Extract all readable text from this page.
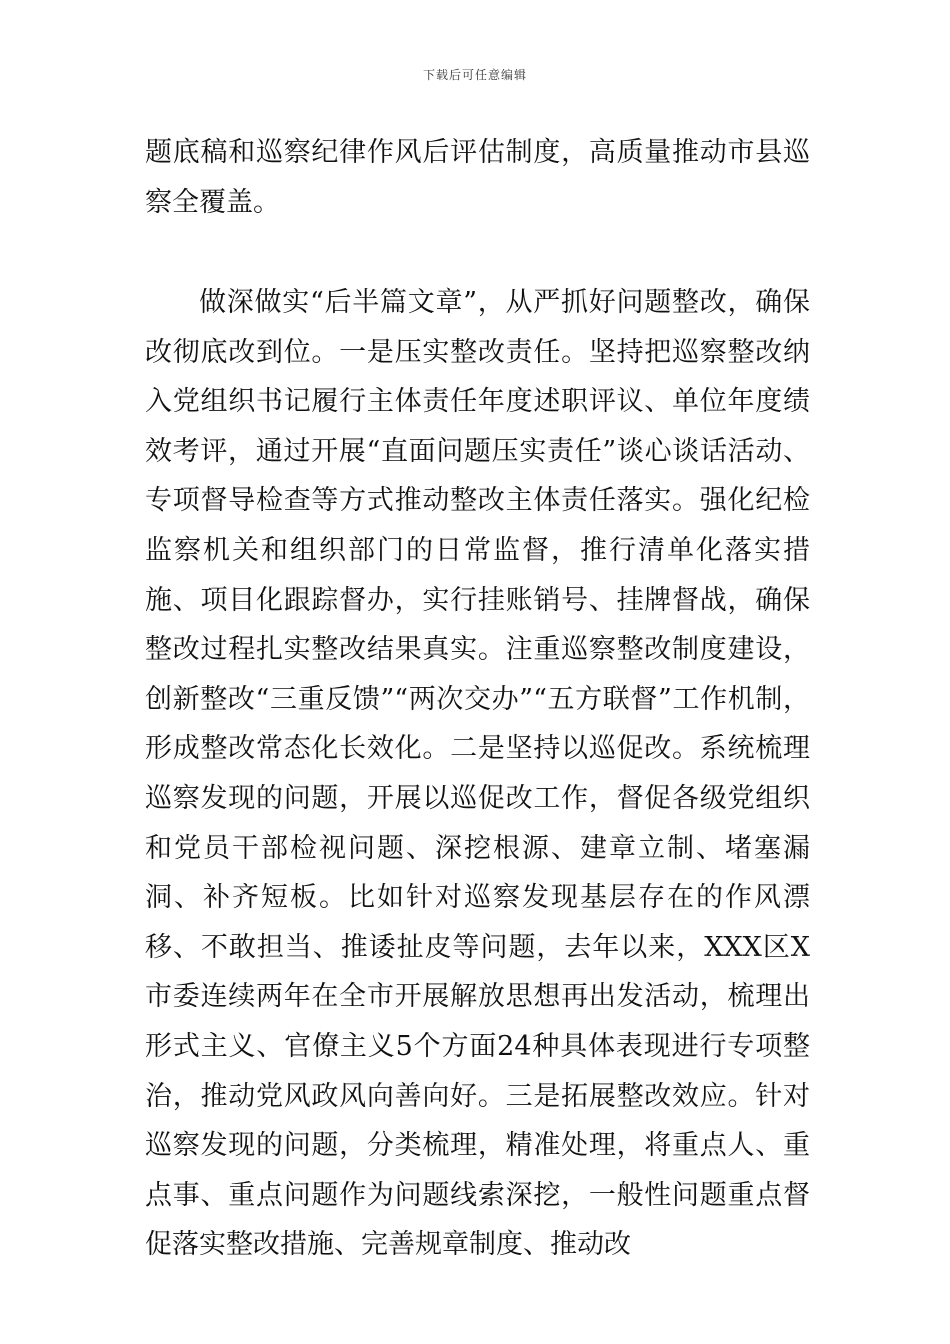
下载后可任意编辑

题底稿和巡察纪律作风后评估制度，高质量推动市县巡察全覆盖。

做深做实“后半篇文章”，从严抓好问题整改，确保改彻底改到位。一是压实整改责任。坚持把巡察整改纳入党组织书记履行主体责任年度述职评议、单位年度绩效考评，通过开展“直面问题压实责任”谈心谈话活动、专项督导检查等方式推动整改主体责任落实。强化纪检监察机关和组织部门的日常监督，推行清单化落实措施、项目化跟踪督办，实行挂账销号、挂牌督战，确保整改过程扎实整改结果真实。注重巡察整改制度建设，创新整改“三重反馈”“两次交办”“五方联督”工作机制，形成整改常态化长效化。二是坚持以巡促改。系统梳理巡察发现的问题，开展以巡促改工作，督促各级党组织和党员干部检视问题、深挖根源、建章立制、堵塞漏洞、补齐短板。比如针对巡察发现基层存在的作风漂移、不敢担当、推诿扯皮等问题，去年以来，XXX区X市委连续两年在全市开展解放思想再出发活动，梳理出形式主义、官僚主义5个方面24种具体表现进行专项整治，推动党风政风向善向好。三是拓展整改效应。针对巡察发现的问题，分类梳理，精准处理，将重点人、重点事、重点问题作为问题线索深挖，一般性问题重点督促落实整改措施、完善规章制度、推动改
